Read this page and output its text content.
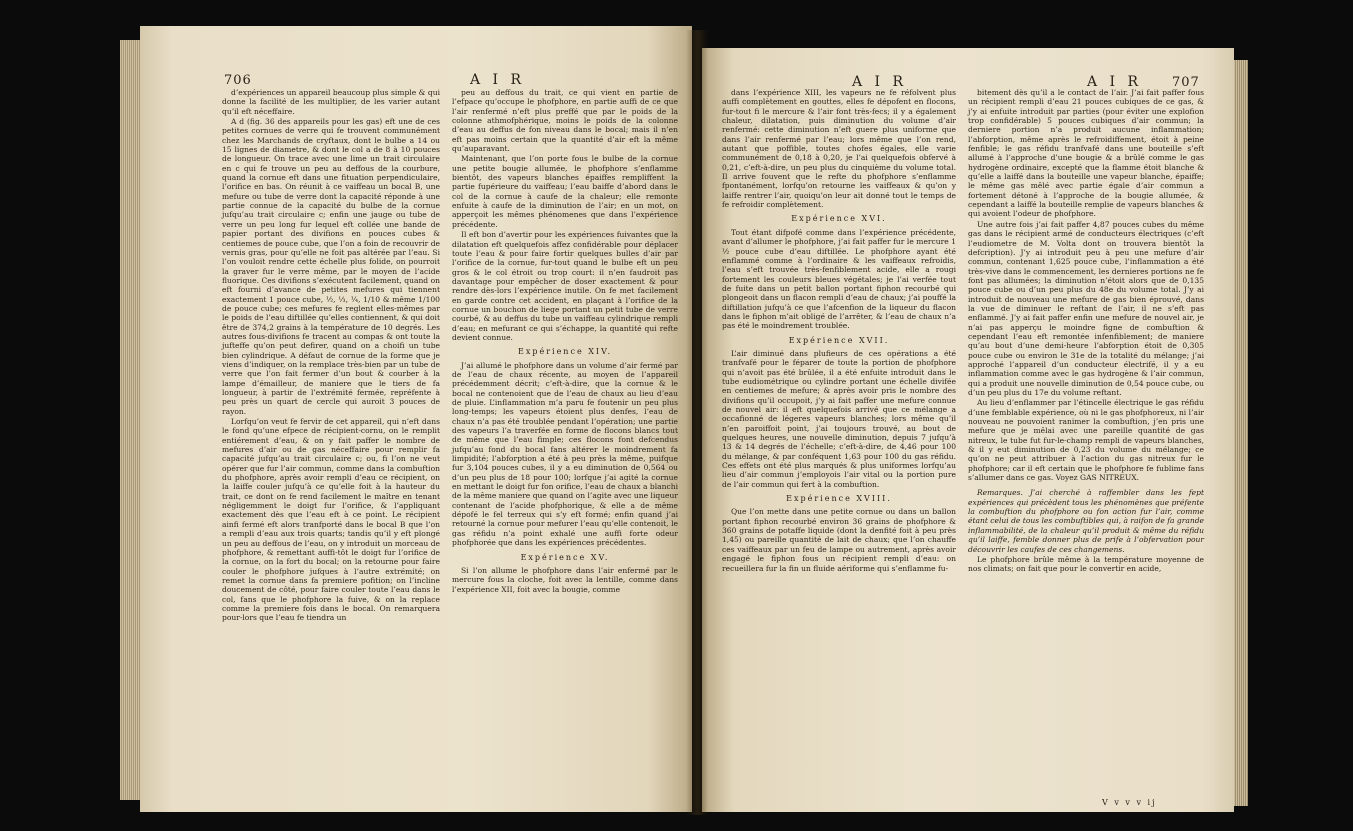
706	A I R

d’expériences un appareil beaucoup plus simple & qui donne la facilité de les multiplier, de les varier autant qu’il eft néceffaire.

A d (fig. 36 des appareils pour les gas) eft une de ces petites cornues de verre qui fe trouvent communément chez les Marchands de cryftaux, dont le bulbe a 14 ou 15 lignes de diametre, & dont le col a de 8 à 10 pouces de longueur. On trace avec une lime un trait circulaire en c qui fe trouve un peu au deffous de la courbure, quand la cornue eft dans une fituation perpendiculaire, l’orifice en bas. On réunit à ce vaiffeau un bocal B, une mefure ou tube de verre dont la capacité réponde à une partie connue de la capacité du bulbe de la cornue jufqu’au trait circulaire c; enfin une jauge ou tube de verre un peu long fur lequel eft collée une bande de papier portant des divifions en pouces cubes & centiemes de pouce cube, que l’on a foin de recouvrir de vernis gras, pour qu’elle ne foit pas altérée par l’eau. Si l’on vouloit rendre cette échelle plus folide, on pourroit la graver fur le verre même, par le moyen de l’acide fluorique. Ces divifions s’exécutent facilement, quand on eft fourni d’avance de petites mefures qui tiennent exactement 1 pouce cube, ½, ⅓, ¼, 1/10 & même 1/100 de pouce cube; ces mefures fe reglent elles-mêmes par le poids de l’eau diftillée qu’elles contiennent, & qui doit être de 374,2 grains à la température de 10 degrés. Les autres fous-divifions fe tracent au compas & ont toute la jufteffe qu’on peut defirer, quand on a choifi un tube bien cylindrique. A défaut de cornue de la forme que je viens d’indiquer, on la remplace très-bien par un tube de verre que l’on fait fermer d’un bout & courber à la lampe d’émailleur, de maniere que le tiers de fa longueur, à partir de l’extrémité fermée, repréfente à peu près un quart de cercle qui auroit 3 pouces de rayon.

Lorfqu’on veut fe fervir de cet appareil, qui n’eft dans le fond qu’une efpece de récipient-cornu, on le remplit entiérement d’eau, & on y fait paffer le nombre de mefures d’air ou de gas néceffaire pour remplir fa capacité jufqu’au trait circulaire c; ou, fi l’on ne veut opérer que fur l’air commun, comme dans la combuftion du phofphore, après avoir rempli d’eau ce récipient, on la laiffe couler jufqu’à ce qu’elle foit à la hauteur du trait, ce dont on fe rend facilement le maître en tenant négligemment le doigt fur l’orifice, & l’appliquant exactement dès que l’eau eft à ce point. Le récipient ainfi fermé eft alors tranfporté dans le bocal B que l’on a rempli d’eau aux trois quarts; tandis qu’il y eft plongé un peu au deffous de l’eau, on y introduit un morceau de phofphore, & remettant auffi-tôt le doigt fur l’orifice de la cornue, on la fort du bocal; on la retourne pour faire couler le phofphore jufques à l’autre extrémité; on remet la cornue dans fa premiere pofition; on l’incline doucement de côté, pour faire couler toute l’eau dans le col, fans que le phofphore la fuive, & on la replace comme la premiere fois dans le bocal. On remarquera pour-lors que l’eau fe tiendra un

peu au deffous du trait, ce qui vient en partie de l’efpace qu’occupe le phofphore, en partie auffi de ce que l’air renfermé n’eft plus preffé que par le poids de la colonne athmofphérique, moins le poids de la colonne d’eau au deffus de fon niveau dans le bocal; mais il n’en eft pas moins certain que la quantité d’air eft la même qu’auparavant.

Maintenant, que l’on porte fous le bulbe de la cornue une petite bougie allumée, le phofphore s’enflamme bientôt, des vapeurs blanches épaiffes rempliffent la partie fupérieure du vaiffeau; l’eau baiffe d’abord dans le col de la cornue à caufe de la chaleur; elle remonte enfuite à caufe de la diminution de l’air; en un mot, on apperçoit les mêmes phénomenes que dans l’expérience précédente.

Il eft bon d’avertir pour les expériences fuivantes que la dilatation eft quelquefois affez confidérable pour déplacer toute l’eau & pour faire fortir quelques bulles d’air par l’orifice de la cornue, fur-tout quand le bulbe eft un peu gros & le col étroit ou trop court: il n’en faudroit pas davantage pour empêcher de doser exactement & pour rendre dès-lors l’expérience inutile. On fe met facilement en garde contre cet accident, en plaçant à l’orifice de la cornue un bouchon de liege portant un petit tube de verre courbé, & au deffus du tube un vaiffeau cylindrique rempli d’eau; en mefurant ce qui s’échappe, la quantité qui refte devient connue.

Expérience XIV.

J’ai allumé le phofphore dans un volume d’air fermé par de l’eau de chaux récente, au moyen de l’appareil précédemment décrit; c’eft-à-dire, que la cornue & le bocal ne contenoient que de l’eau de chaux au lieu d’eau de pluie. L’inflammation m’a paru fe foutenir un peu plus long-temps; les vapeurs étoient plus denfes, l’eau de chaux n’a pas été troublée pendant l’opération; une partie des vapeurs l’a traverfée en forme de flocons blancs tout de même que l’eau fimple; ces flocons font defcendus jufqu’au fond du bocal fans altérer le moindrement fa limpidité; l’abforption a été à peu près la même, puifque fur 3,104 pouces cubes, il y a eu diminution de 0,564 ou d’un peu plus de 18 pour 100; lorfque j’ai agité la cornue en mettant le doigt fur fon orifice, l’eau de chaux a blanchi de la même maniere que quand on l’agite avec une liqueur contenant de l’acide phofphorique, & elle a de même dépofé le fel terreux qui s’y eft formé; enfin quand j’ai retourné la cornue pour mefurer l’eau qu’elle contenoit, le gas réfidu n’a point exhalé une auffi forte odeur phofphorée que dans les expériences précédentes.

Expérience XV.

Si l’on allume le phofphore dans l’air enfermé par le mercure fous la cloche, foit avec la lentille, comme dans l’expérience XII, foit avec la bougie, comme

A I R	A I R 707

dans l’expérience XIII, les vapeurs ne fe réfolvent plus auffi complètement en gouttes, elles fe dépofent en flocons, fur-tout fi le mercure & l’air font très-fecs; il y a également chaleur, dilatation, puis diminution du volume d’air renfermé: cette diminution n’eft guere plus uniforme que dans l’air renfermé par l’eau; lors même que l’on rend, autant que poffible, toutes chofes égales, elle varie communément de 0,18 à 0,20, je l’ai quelquefois obfervé à 0,21, c’eft-à-dire, un peu plus du cinquième du volume total. Il arrive fouvent que le refte du phofphore s’enflamme fpontanément, lorfqu’on retourne les vaiffeaux & qu’on y laiffe rentrer l’air, quoiqu’on leur ait donné tout le temps de fe refroidir complètement.

Expérience XVI.

Tout étant difpofé comme dans l’expérience précédente, avant d’allumer le phofphore, j’ai fait paffer fur le mercure 1 ½ pouce cube d’eau diftillée. Le phofphore ayant été enflammé comme à l’ordinaire & les vaiffeaux refroidis, l’eau s’eft trouvée très-fenfiblement acide, elle a rougi fortement les couleurs bleues végétales; je l’ai verfée tout de fuite dans un petit ballon portant fiphon recourbé qui plongeoit dans un flacon rempli d’eau de chaux; j’ai pouffé la diftillation jufqu’à ce que l’afcenfion de la liqueur du flacon dans le fiphon m’ait obligé de l’arrêter, & l’eau de chaux n’a pas été le moindrement troublée.

Expérience XVII.

L’air diminué dans plufieurs de ces opérations a été tranfvafé pour le féparer de toute la portion de phofphore qui n’avoit pas été brûlée, il a été enfuite introduit dans le tube eudiométrique ou cylindre portant une échelle divifée en centiemes de mefure; & après avoir pris le nombre des divifions qu’il occupoit, j’y ai fait paffer une mefure connue de nouvel air: il eft quelquefois arrivé que ce mélange a occafionné de légeres vapeurs blanches; lors même qu’il n’en paroiffoit point, j’ai toujours trouvé, au bout de quelques heures, une nouvelle diminution, depuis 7 jufqu’à 13 & 14 degrés de l’échelle; c’eft-à-dire, de 4,46 pour 100 du mélange, & par conféquent 1,63 pour 100 du gas réfidu. Ces effets ont été plus marqués & plus uniformes lorfqu’au lieu d’air commun j’employois l’air vital ou la portion pure de l’air commun qui fert à la combuftion.

Expérience XVIII.

Que l’on mette dans une petite cornue ou dans un ballon portant fiphon recourbé environ 36 grains de phofphore & 360 grains de potaffe liquide (dont la denfité foit à peu près 1,45) ou pareille quantité de lait de chaux; que l’on chauffe ces vaiffeaux par un feu de lampe ou autrement, après avoir engagé le fiphon fous un récipient rempli d’eau: on recueillera fur la fin un fluide aériforme qui s’enflamme fu-

bitement dès qu’il a le contact de l’air. J’ai fait paffer fous un récipient rempli d’eau 21 pouces cubiques de ce gas, & j’y ai enfuite introduit par parties (pour éviter une explofion trop confidérable) 5 pouces cubiques d’air commun; la derniere portion n’a produit aucune inflammation; l’abforption, même après le refroidiffement, étoit à peine fenfible; le gas réfidu tranfvafé dans une bouteille s’eft allumé à l’approche d’une bougie & a brûlé comme le gas hydrogène ordinaire, excepté que la flamme étoit blanche & qu’elle a laiffé dans la bouteille une vapeur blanche, épaiffe; le même gas mêlé avec partie égale d’air commun a fortement détoné à l’approche de la bougie allumée, & cependant a laiffé la bouteille remplie de vapeurs blanches & qui avoient l’odeur de phofphore.

Une autre fois j’ai fait paffer 4,87 pouces cubes du même gas dans le récipient armé de conducteurs électriques (c’eft l’eudiometre de M. Volta dont on trouvera bientôt la defcription). J’y ai introduit peu à peu une mefure d’air commun, contenant 1,625 pouce cube, l’inflammation a été très-vive dans le commencement, les dernieres portions ne fe font pas allumées; la diminution n’étoit alors que de 0,135 pouce cube ou d’un peu plus du 48e du volume total. J’y ai introduit de nouveau une mefure de gas bien éprouvé, dans la vue de diminuer le reftant de l’air, il ne s’eft pas enflammé. J’y ai fait paffer enfin une mefure de nouvel air, je n’ai pas apperçu le moindre figne de combuftion & cependant l’eau eft remontée infenfiblement; de maniere qu’au bout d’une demi-heure l’abforption étoit de 0,305 pouce cube ou environ le 31e de la totalité du mélange; j’ai approché l’appareil d’un conducteur électrifé, il y a eu inflammation comme avec le gas hydrogène & l’air commun, qui a produit une nouvelle diminution de 0,54 pouce cube, ou d’un peu plus du 17e du volume reftant.

Au lieu d’enflammer par l’étincelle électrique le gas réfidu d’une femblable expérience, où ni le gas phofphoreux, ni l’air nouveau ne pouvoient ranimer la combuftion, j’en pris une mefure que je mêlai avec une pareille quantité de gas nitreux, le tube fut fur-le-champ rempli de vapeurs blanches, & il y eut diminution de 0,23 du volume du mélange; ce qu’on ne peut attribuer à l’action du gas nitreux fur le phofphore; car il eft certain que le phofphore fe fublime fans s’allumer dans ce gas. Voyez GAS NITREUX.

Remarques. J’ai cherché à raffembler dans les fept expériences qui précèdent tous les phénomènes que préfente la combuftion du phofphore ou fon action fur l’air, comme étant celui de tous les combuftibles qui, à raifon de fa grande inflammabilité, de la chaleur qu’il produit & même du réfidu qu’il laiffe, femble donner plus de prife à l’obfervation pour découvrir les caufes de ces changemens.

Le phofphore brûle même à la température moyenne de nos climats; on fait que pour le convertir en acide,

V v v v ij
